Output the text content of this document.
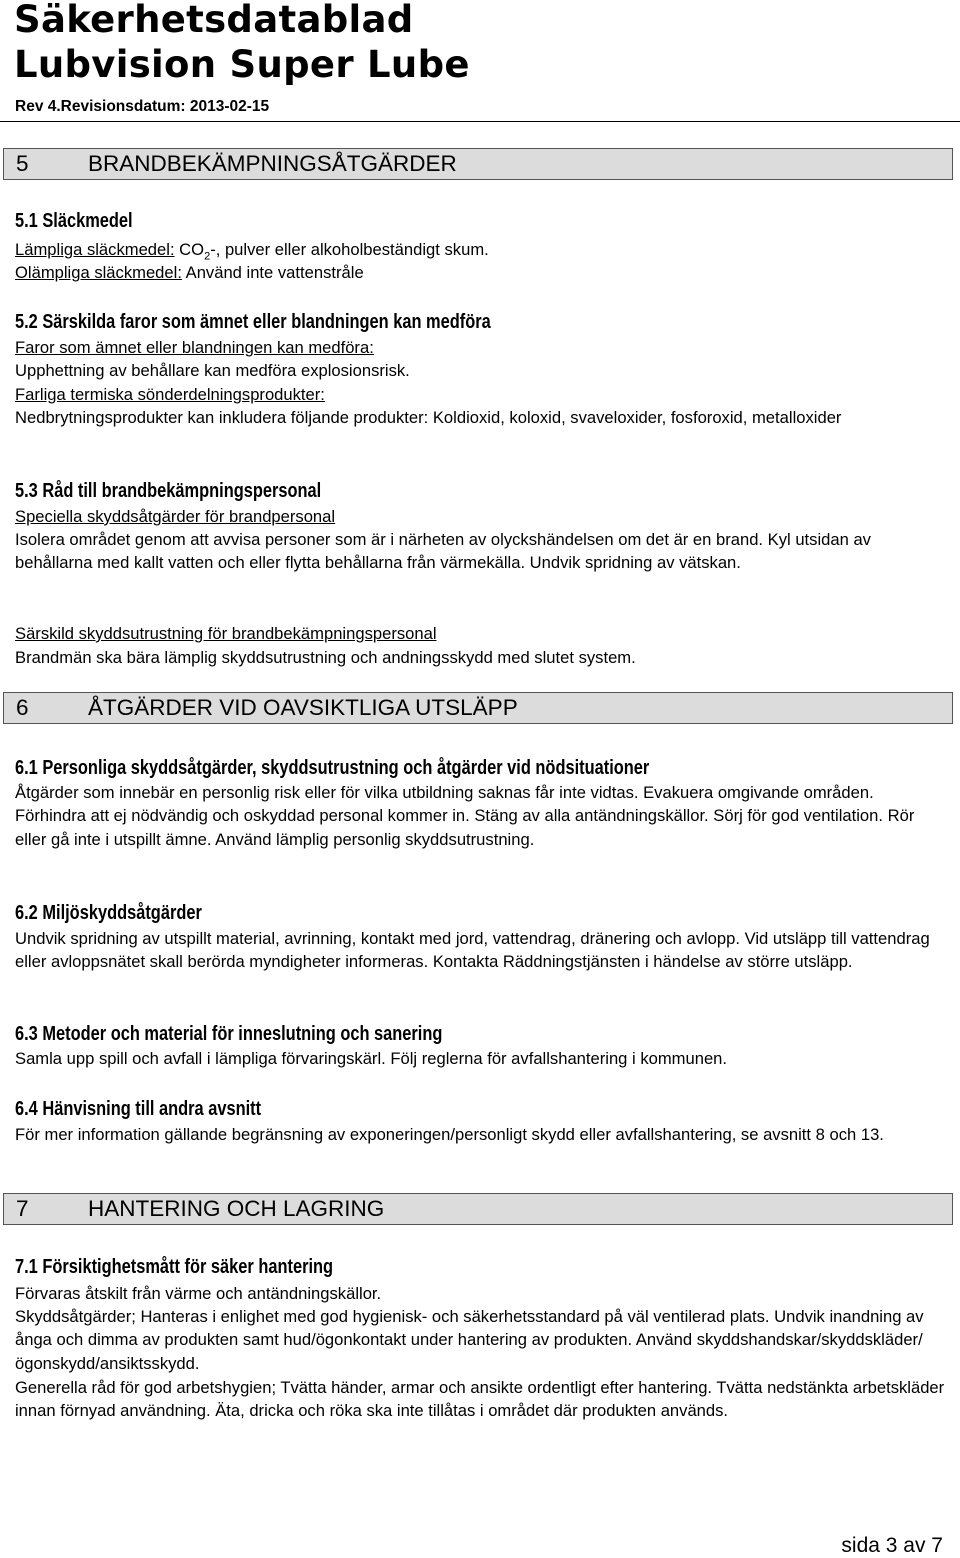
Säkerhetsdatablad
Lubvision Super Lube
Rev 4.Revisionsdatum: 2013-02-15
5	BRANDBEKÄMPNINGSÅTGÄRDER
5.1 Släckmedel

Lämpliga släckmedel: $CO_2-$, pulver eller alkoholbeständigt skum.

Olämpliga släckmedel: Använd inte vattenstråle

5.2 Särskilda faror som ämnet eller blandningen kan medföra

Faror som ämnet eller blandningen kan medföra:

Upphettning av behållare kan medföra explosionsrisk.

Farliga termiska sönderdelningsprodukter:

Nedbrytningsprodukter kan inkludera följande produkter: Koldioxid, koloxid, svaveloxider, fosforoxid, metalloxider

5.3 Råd till brandbekämpningspersonal

Speciella skyddsåtgärder för brandpersonal

Isolera området genom att avvisa personer som är i närheten av olyckshändelsen om det är en brand. Kyl utsidan av behållarna med kallt vatten och eller flytta behållarna från värmekälla. Undvik spridning av vätskan.

Särskild skyddsutrustning för brandbekämpningspersonal

Brandmän ska bära lämplig skyddsutrustning och andningsskydd med slutet system.

6	ÅTGÄRDER VID OAVSIKTLIGA UTSLÄPP
6.1 Personliga skyddsåtgärder, skyddsutrustning och åtgärder vid nödsituationer

Åtgärder som innebär en personlig risk eller för vilka utbildning saknas får inte vidtas. Evakuera omgivande områden. Förhindra att ej nödvändig och oskyddad personal kommer in. Stäng av alla antändningskällor. Sörj för god ventilation. Rör eller gå inte i utspillt ämne. Använd lämplig personlig skyddsutrustning.

6.2 Miljöskyddsåtgärder

Undvik spridning av utspillt material, avrinning, kontakt med jord, vattendrag, dränering och avlopp. Vid utsläpp till vattendrag eller avloppsnätet skall berörda myndigheter informeras. Kontakta Räddningstjänsten i händelse av större utsläpp.

6.3 Metoder och material för inneslutning och sanering

Samla upp spill och avfall i lämpliga förvaringskärl. Följ reglerna för avfallshantering i kommunen.

6.4 Hänvisning till andra avsnitt

För mer information gällande begränsning av exponeringen/personligt skydd eller avfallshantering, se avsnitt 8 och 13.

7	HANTERING OCH LAGRING
7.1 Försiktighetsmått för säker hantering

Förvaras åtskilt från värme och antändningskällor.

Skyddsåtgärder; Hanteras i enlighet med god hygienisk- och säkerhetsstandard på väl ventilerad plats. Undvik inandning av ånga och dimma av produkten samt hud/ögonkontakt under hantering av produkten. Använd skyddshandskar/skyddskläder/ögonskydd/ansiktsskydd.

Generella råd för god arbetshygien; Tvätta händer, armar och ansikte ordentligt efter hantering. Tvätta nedstänkta arbetskläder innan förnyad användning. Äta, dricka och röka ska inte tillåtas i området där produkten används.

sida 3 av 7
